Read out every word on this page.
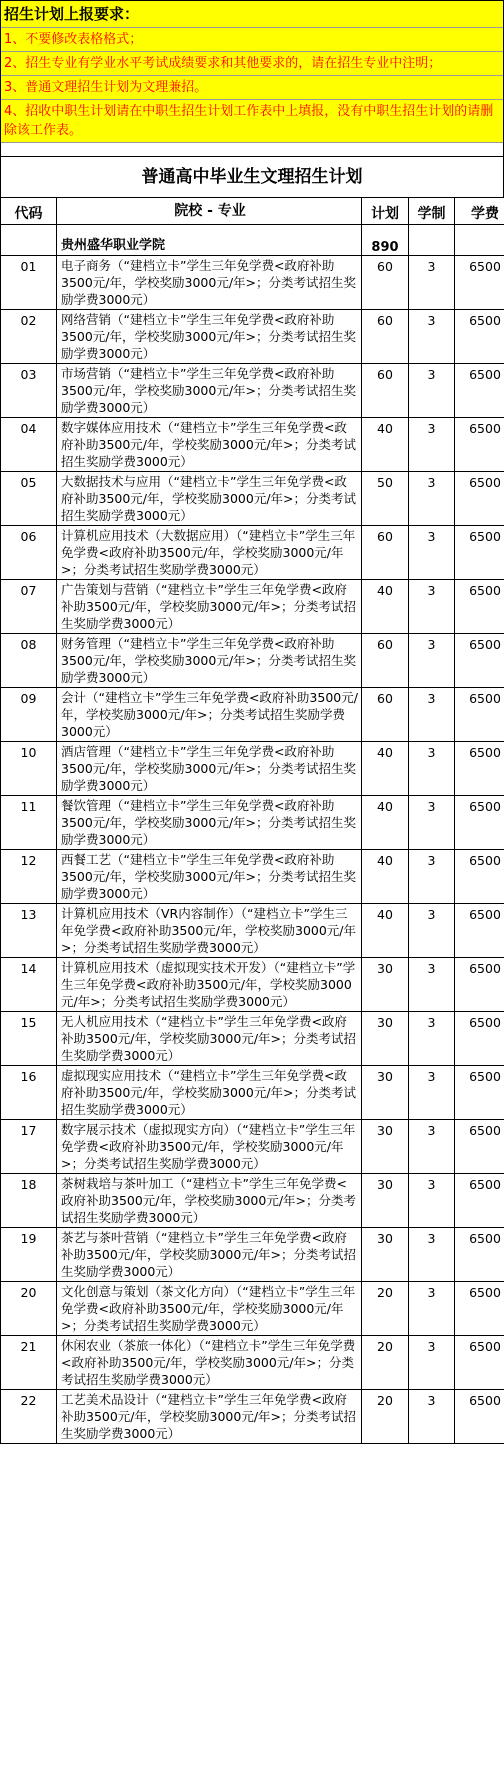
招生计划上报要求：
1、不要修改表格格式；
2、招生专业有学业水平考试成绩要求和其他要求的，请在招生专业中注明；
3、普通文理招生计划为文理兼招。
4、招收中职生计划请在中职生招生计划工作表中上填报，没有中职生招生计划的请删除该工作表。
普通高中毕业生文理招生计划
代码	院校 - 专业	计划	学制	学费
	贵州盛华职业学院	890		
01	电子商务（“建档立卡”学生三年免学费<政府补助3500元/年，学校奖励3000元/年>；分类考试招生奖励学费3000元）	60	3	6500
02	网络营销（“建档立卡”学生三年免学费<政府补助3500元/年，学校奖励3000元/年>；分类考试招生奖励学费3000元）	60	3	6500
03	市场营销（“建档立卡”学生三年免学费<政府补助3500元/年，学校奖励3000元/年>；分类考试招生奖励学费3000元）	60	3	6500
04	数字媒体应用技术（“建档立卡”学生三年免学费<政府补助3500元/年，学校奖励3000元/年>；分类考试招生奖励学费3000元）	40	3	6500
05	大数据技术与应用（“建档立卡”学生三年免学费<政府补助3500元/年，学校奖励3000元/年>；分类考试招生奖励学费3000元）	50	3	6500
06	计算机应用技术（大数据应用）（“建档立卡”学生三年免学费<政府补助3500元/年，学校奖励3000元/年>；分类考试招生奖励学费3000元）	60	3	6500
07	广告策划与营销（“建档立卡”学生三年免学费<政府补助3500元/年，学校奖励3000元/年>；分类考试招生奖励学费3000元）	40	3	6500
08	财务管理（“建档立卡”学生三年免学费<政府补助3500元/年，学校奖励3000元/年>；分类考试招生奖励学费3000元）	60	3	6500
09	会计（“建档立卡”学生三年免学费<政府补助3500元/年，学校奖励3000元/年>；分类考试招生奖励学费3000元）	60	3	6500
10	酒店管理（“建档立卡”学生三年免学费<政府补助3500元/年，学校奖励3000元/年>；分类考试招生奖励学费3000元）	40	3	6500
11	餐饮管理（“建档立卡”学生三年免学费<政府补助3500元/年，学校奖励3000元/年>；分类考试招生奖励学费3000元）	40	3	6500
12	西餐工艺（“建档立卡”学生三年免学费<政府补助3500元/年，学校奖励3000元/年>；分类考试招生奖励学费3000元）	40	3	6500
13	计算机应用技术（VR内容制作）（“建档立卡”学生三年免学费<政府补助3500元/年，学校奖励3000元/年>；分类考试招生奖励学费3000元）	40	3	6500
14	计算机应用技术（虚拟现实技术开发）（“建档立卡”学生三年免学费<政府补助3500元/年，学校奖励3000元/年>；分类考试招生奖励学费3000元）	30	3	6500
15	无人机应用技术（“建档立卡”学生三年免学费<政府补助3500元/年，学校奖励3000元/年>；分类考试招生奖励学费3000元）	30	3	6500
16	虚拟现实应用技术（“建档立卡”学生三年免学费<政府补助3500元/年，学校奖励3000元/年>；分类考试招生奖励学费3000元）	30	3	6500
17	数字展示技术（虚拟现实方向）（“建档立卡”学生三年免学费<政府补助3500元/年，学校奖励3000元/年>；分类考试招生奖励学费3000元）	30	3	6500
18	茶树栽培与茶叶加工（“建档立卡”学生三年免学费<政府补助3500元/年，学校奖励3000元/年>；分类考试招生奖励学费3000元）	30	3	6500
19	茶艺与茶叶营销（“建档立卡”学生三年免学费<政府补助3500元/年，学校奖励3000元/年>；分类考试招生奖励学费3000元）	30	3	6500
20	文化创意与策划（茶文化方向）（“建档立卡”学生三年免学费<政府补助3500元/年，学校奖励3000元/年>；分类考试招生奖励学费3000元）	20	3	6500
21	休闲农业（茶旅一体化）（“建档立卡”学生三年免学费<政府补助3500元/年，学校奖励3000元/年>；分类考试招生奖励学费3000元）	20	3	6500
22	工艺美术品设计（“建档立卡”学生三年免学费<政府补助3500元/年，学校奖励3000元/年>；分类考试招生奖励学费3000元）	20	3	6500
